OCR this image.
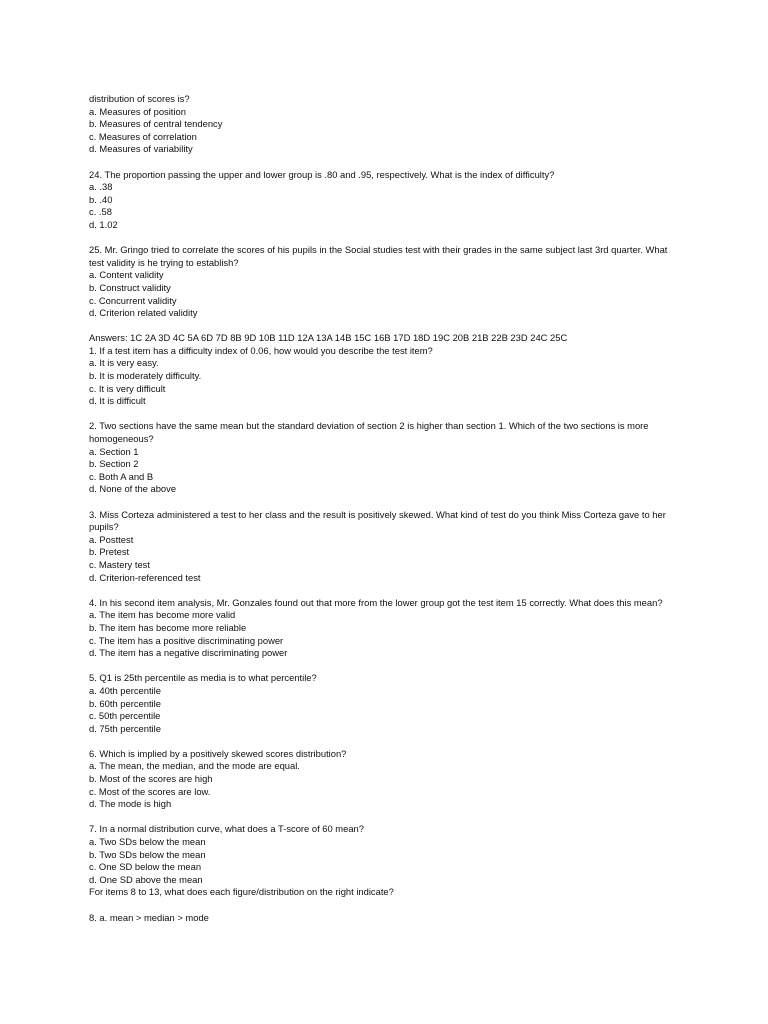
distribution of scores is?
a. Measures of position
b. Measures of central tendency
c. Measures of correlation
d. Measures of variability

24. The proportion passing the upper and lower group is .80 and .95, respectively. What is the index of difficulty?
a. .38
b. .40
c. .58
d. 1.02

25. Mr. Gringo tried to correlate the scores of his pupils in the Social studies test with their grades in the same subject last 3rd quarter. What
test validity is he trying to establish?
a. Content validity
b. Construct validity
c. Concurrent validity
d. Criterion related validity

Answers: 1C 2A 3D 4C 5A 6D 7D 8B 9D 10B 11D 12A 13A 14B 15C 16B 17D 18D 19C 20B 21B 22B 23D 24C 25C
1. If a test item has a difficulty index of 0.06, how would you describe the test item?
a. It is very easy.
b. It is moderately difficulty.
c. It is very difficult
d. It is difficult

2. Two sections have the same mean but the standard deviation of section 2 is higher than section 1. Which of the two sections is more
homogeneous?
a. Section 1
b. Section 2
c. Both A and B
d. None of the above

3. Miss Corteza administered a test to her class and the result is positively skewed. What kind of test do you think Miss Corteza gave to her
pupils?
a. Posttest
b. Pretest
c. Mastery test
d. Criterion-referenced test

4. In his second item analysis, Mr. Gonzales found out that more from the lower group got the test item 15 correctly. What does this mean?
a. The item has become more valid
b. The item has become more reliable
c. The item has a positive discriminating power
d. The item has a negative discriminating power

5. Q1 is 25th percentile as media is to what percentile?
a. 40th percentile
b. 60th percentile
c. 50th percentile
d. 75th percentile

6. Which is implied by a positively skewed scores distribution?
a. The mean, the median, and the mode are equal.
b. Most of the scores are high
c. Most of the scores are low.
d. The mode is high

7. In a normal distribution curve, what does a T-score of 60 mean?
a. Two SDs below the mean
b. Two SDs below the mean
c. One SD below the mean
d. One SD above the mean
For items 8 to 13, what does each figure/distribution on the right indicate?

8. a. mean > median > mode
